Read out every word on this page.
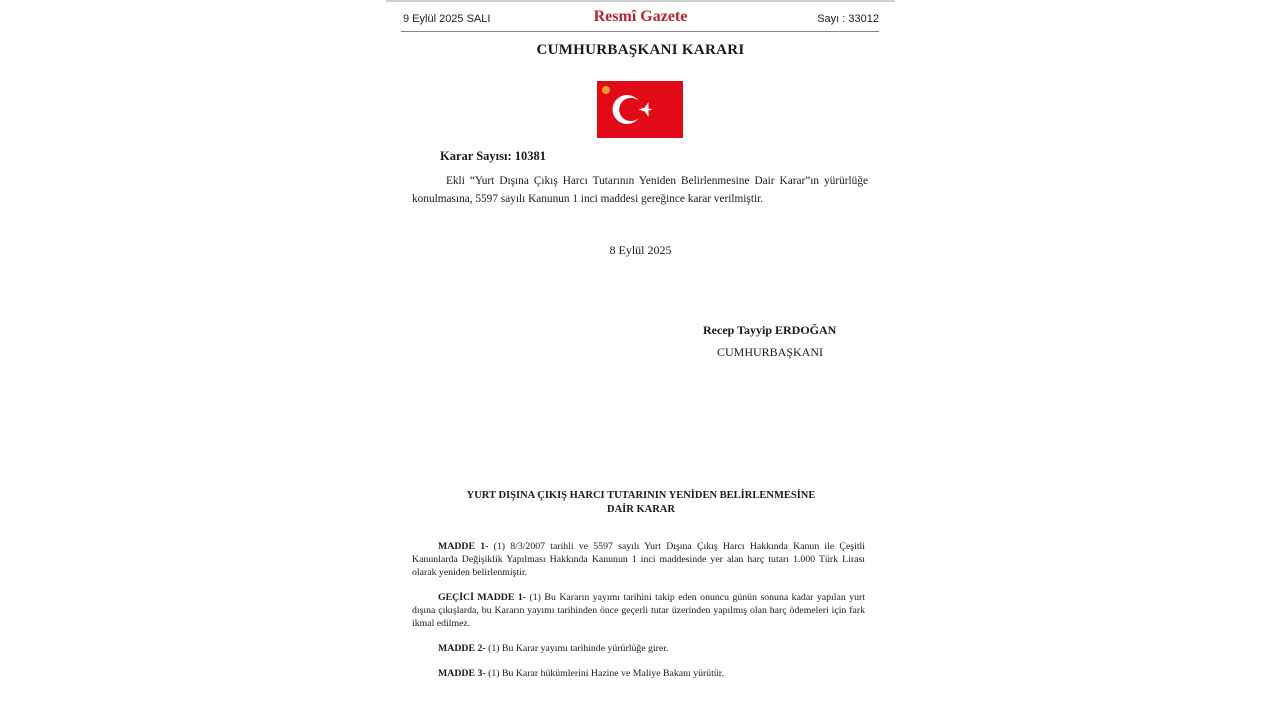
9 Eylül 2025 SALI	Resmî Gazete	Sayı : 33012
CUMHURBAŞKANI KARARI
Karar Sayısı: 10381

Ekli “Yurt Dışına Çıkış Harcı Tutarının Yeniden Belirlenmesine Dair Karar”ın yürürlüğe konulmasına, 5597 sayılı Kanunun 1 inci maddesi gereğince karar verilmiştir.

8 Eylül 2025
Recep Tayyip ERDOĞAN
CUMHURBAŞKANI
YURT DIŞINA ÇIKIŞ HARCI TUTARININ YENİDEN BELİRLENMESİNE
DAİR KARAR

MADDE 1- (1) 8/3/2007 tarihli ve 5597 sayılı Yurt Dışına Çıkış Harcı Hakkında Kanun ile Çeşitli Kanunlarda Değişiklik Yapılması Hakkında Kanunun 1 inci maddesinde yer alan harç tutarı 1.000 Türk Lirası olarak yeniden belirlenmiştir.

GEÇİCİ MADDE 1- (1) Bu Kararın yayımı tarihini takip eden onuncu günün sonuna kadar yapılan yurt dışına çıkışlarda, bu Kararın yayımı tarihinden önce geçerli tutar üzerinden yapılmış olan harç ödemeleri için fark ikmal edilmez.

MADDE 2- (1) Bu Karar yayımı tarihinde yürürlüğe girer.

MADDE 3- (1) Bu Karar hükümlerini Hazine ve Maliye Bakanı yürütür.
